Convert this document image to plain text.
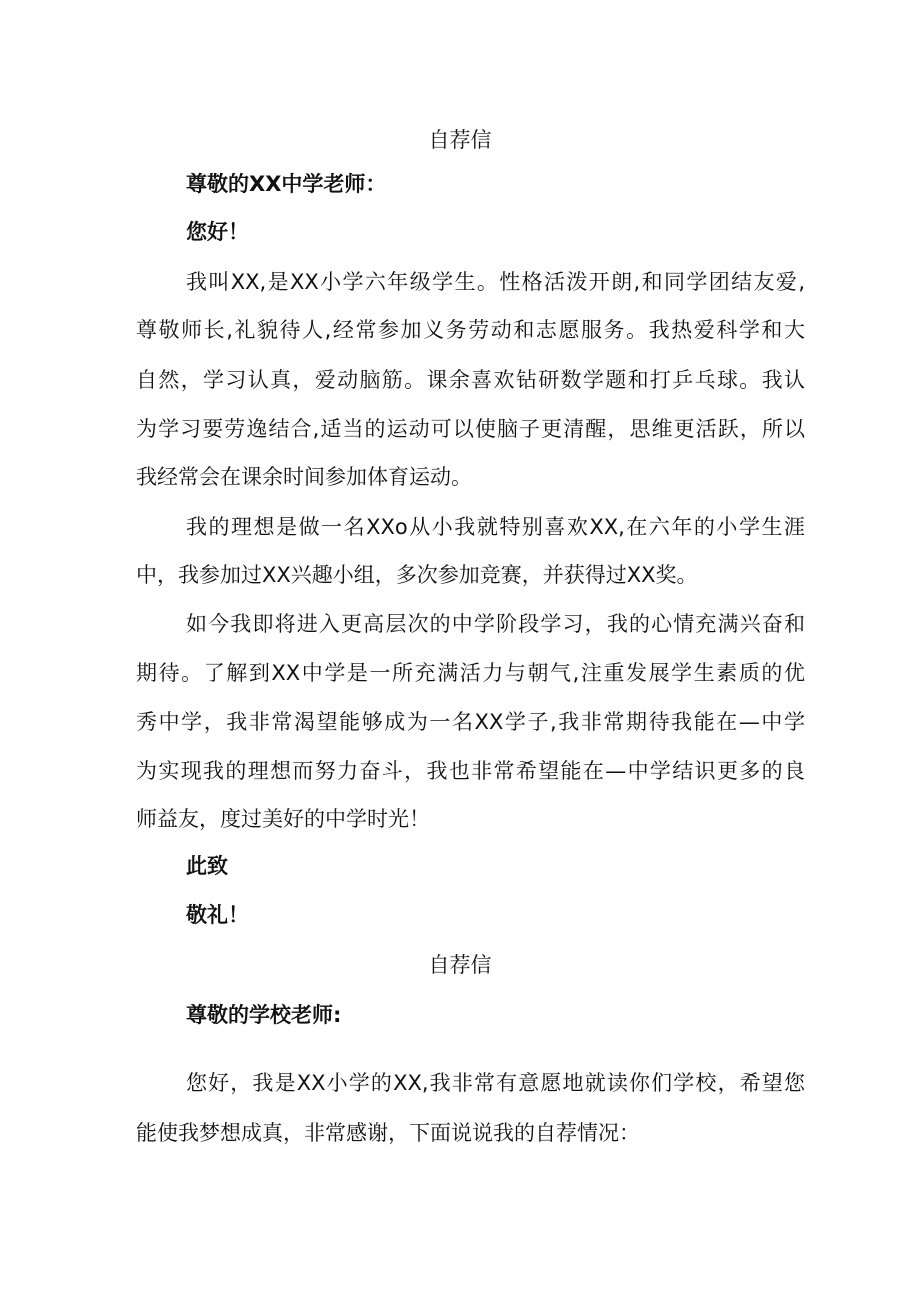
自荐信

尊敬的XX中学老师：

您好！

我叫XX,是XX小学六年级学生。性格活泼开朗,和同学团结友爱,

尊敬师长,礼貌待人,经常参加义务劳动和志愿服务。我热爱科学和大

自然，学习认真，爱动脑筋。课余喜欢钻研数学题和打乒乓球。我认

为学习要劳逸结合,适当的运动可以使脑子更清醒，思维更活跃，所以

我经常会在课余时间参加体育运动。

我的理想是做一名XXo从小我就特别喜欢XX,在六年的小学生涯

中，我参加过XX兴趣小组，多次参加竞赛，并获得过XX奖。

如今我即将进入更高层次的中学阶段学习，我的心情充满兴奋和

期待。了解到XX中学是一所充满活力与朝气,注重发展学生素质的优

秀中学，我非常渴望能够成为一名XX学子,我非常期待我能在—中学

为实现我的理想而努力奋斗，我也非常希望能在—中学结识更多的良

师益友，度过美好的中学时光！

此致

敬礼！

自荐信

尊敬的学校老师:

您好，我是XX小学的XX,我非常有意愿地就读你们学校，希望您

能使我梦想成真，非常感谢，下面说说我的自荐情况：
